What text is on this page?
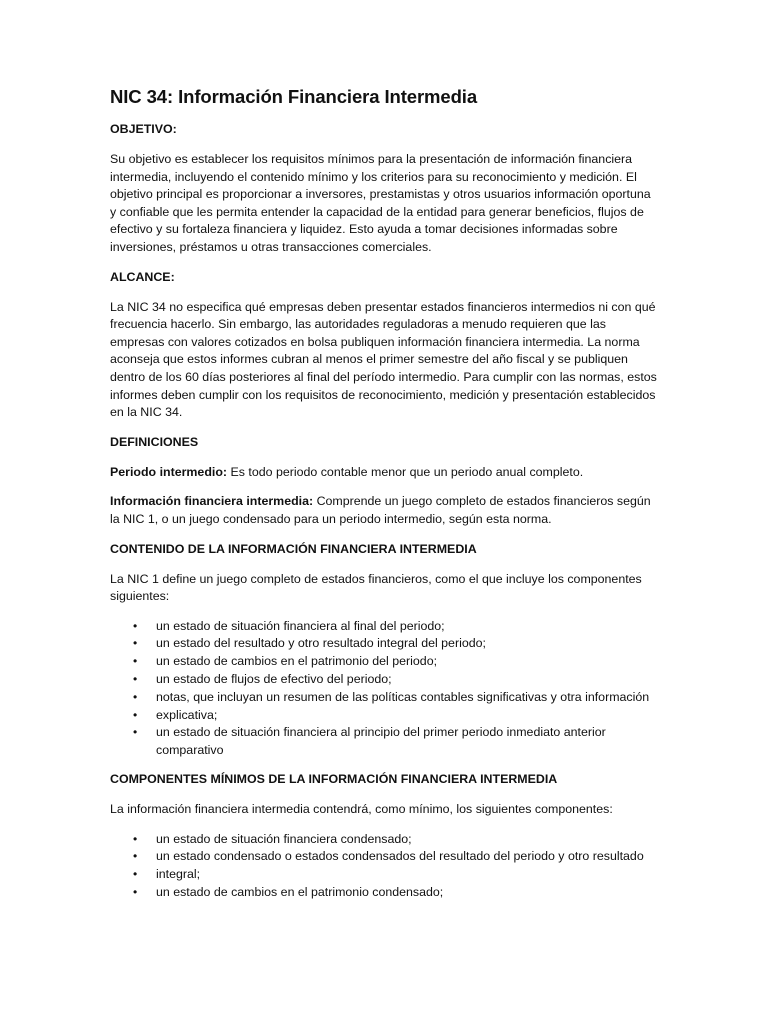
NIC 34: Información Financiera Intermedia
OBJETIVO:

Su objetivo es establecer los requisitos mínimos para la presentación de información financiera intermedia, incluyendo el contenido mínimo y los criterios para su reconocimiento y medición. El objetivo principal es proporcionar a inversores, prestamistas y otros usuarios información oportuna y confiable que les permita entender la capacidad de la entidad para generar beneficios, flujos de efectivo y su fortaleza financiera y liquidez. Esto ayuda a tomar decisiones informadas sobre inversiones, préstamos u otras transacciones comerciales.

ALCANCE:

La NIC 34 no especifica qué empresas deben presentar estados financieros intermedios ni con qué frecuencia hacerlo. Sin embargo, las autoridades reguladoras a menudo requieren que las empresas con valores cotizados en bolsa publiquen información financiera intermedia. La norma aconseja que estos informes cubran al menos el primer semestre del año fiscal y se publiquen dentro de los 60 días posteriores al final del período intermedio. Para cumplir con las normas, estos informes deben cumplir con los requisitos de reconocimiento, medición y presentación establecidos en la NIC 34.

DEFINICIONES

Periodo intermedio: Es todo periodo contable menor que un periodo anual completo.

Información financiera intermedia: Comprende un juego completo de estados financieros según la NIC 1, o un juego condensado para un periodo intermedio, según esta norma.

CONTENIDO DE LA INFORMACIÓN FINANCIERA INTERMEDIA

La NIC 1 define un juego completo de estados financieros, como el que incluye los componentes siguientes:

• un estado de situación financiera al final del periodo;
• un estado del resultado y otro resultado integral del periodo;
• un estado de cambios en el patrimonio del periodo;
• un estado de flujos de efectivo del periodo;
• notas, que incluyan un resumen de las políticas contables significativas y otra información
• explicativa;
• un estado de situación financiera al principio del primer periodo inmediato anterior comparativo
COMPONENTES MÍNIMOS DE LA INFORMACIÓN FINANCIERA INTERMEDIA

La información financiera intermedia contendrá, como mínimo, los siguientes componentes:

• un estado de situación financiera condensado;
• un estado condensado o estados condensados del resultado del periodo y otro resultado
• integral;
• un estado de cambios en el patrimonio condensado;
